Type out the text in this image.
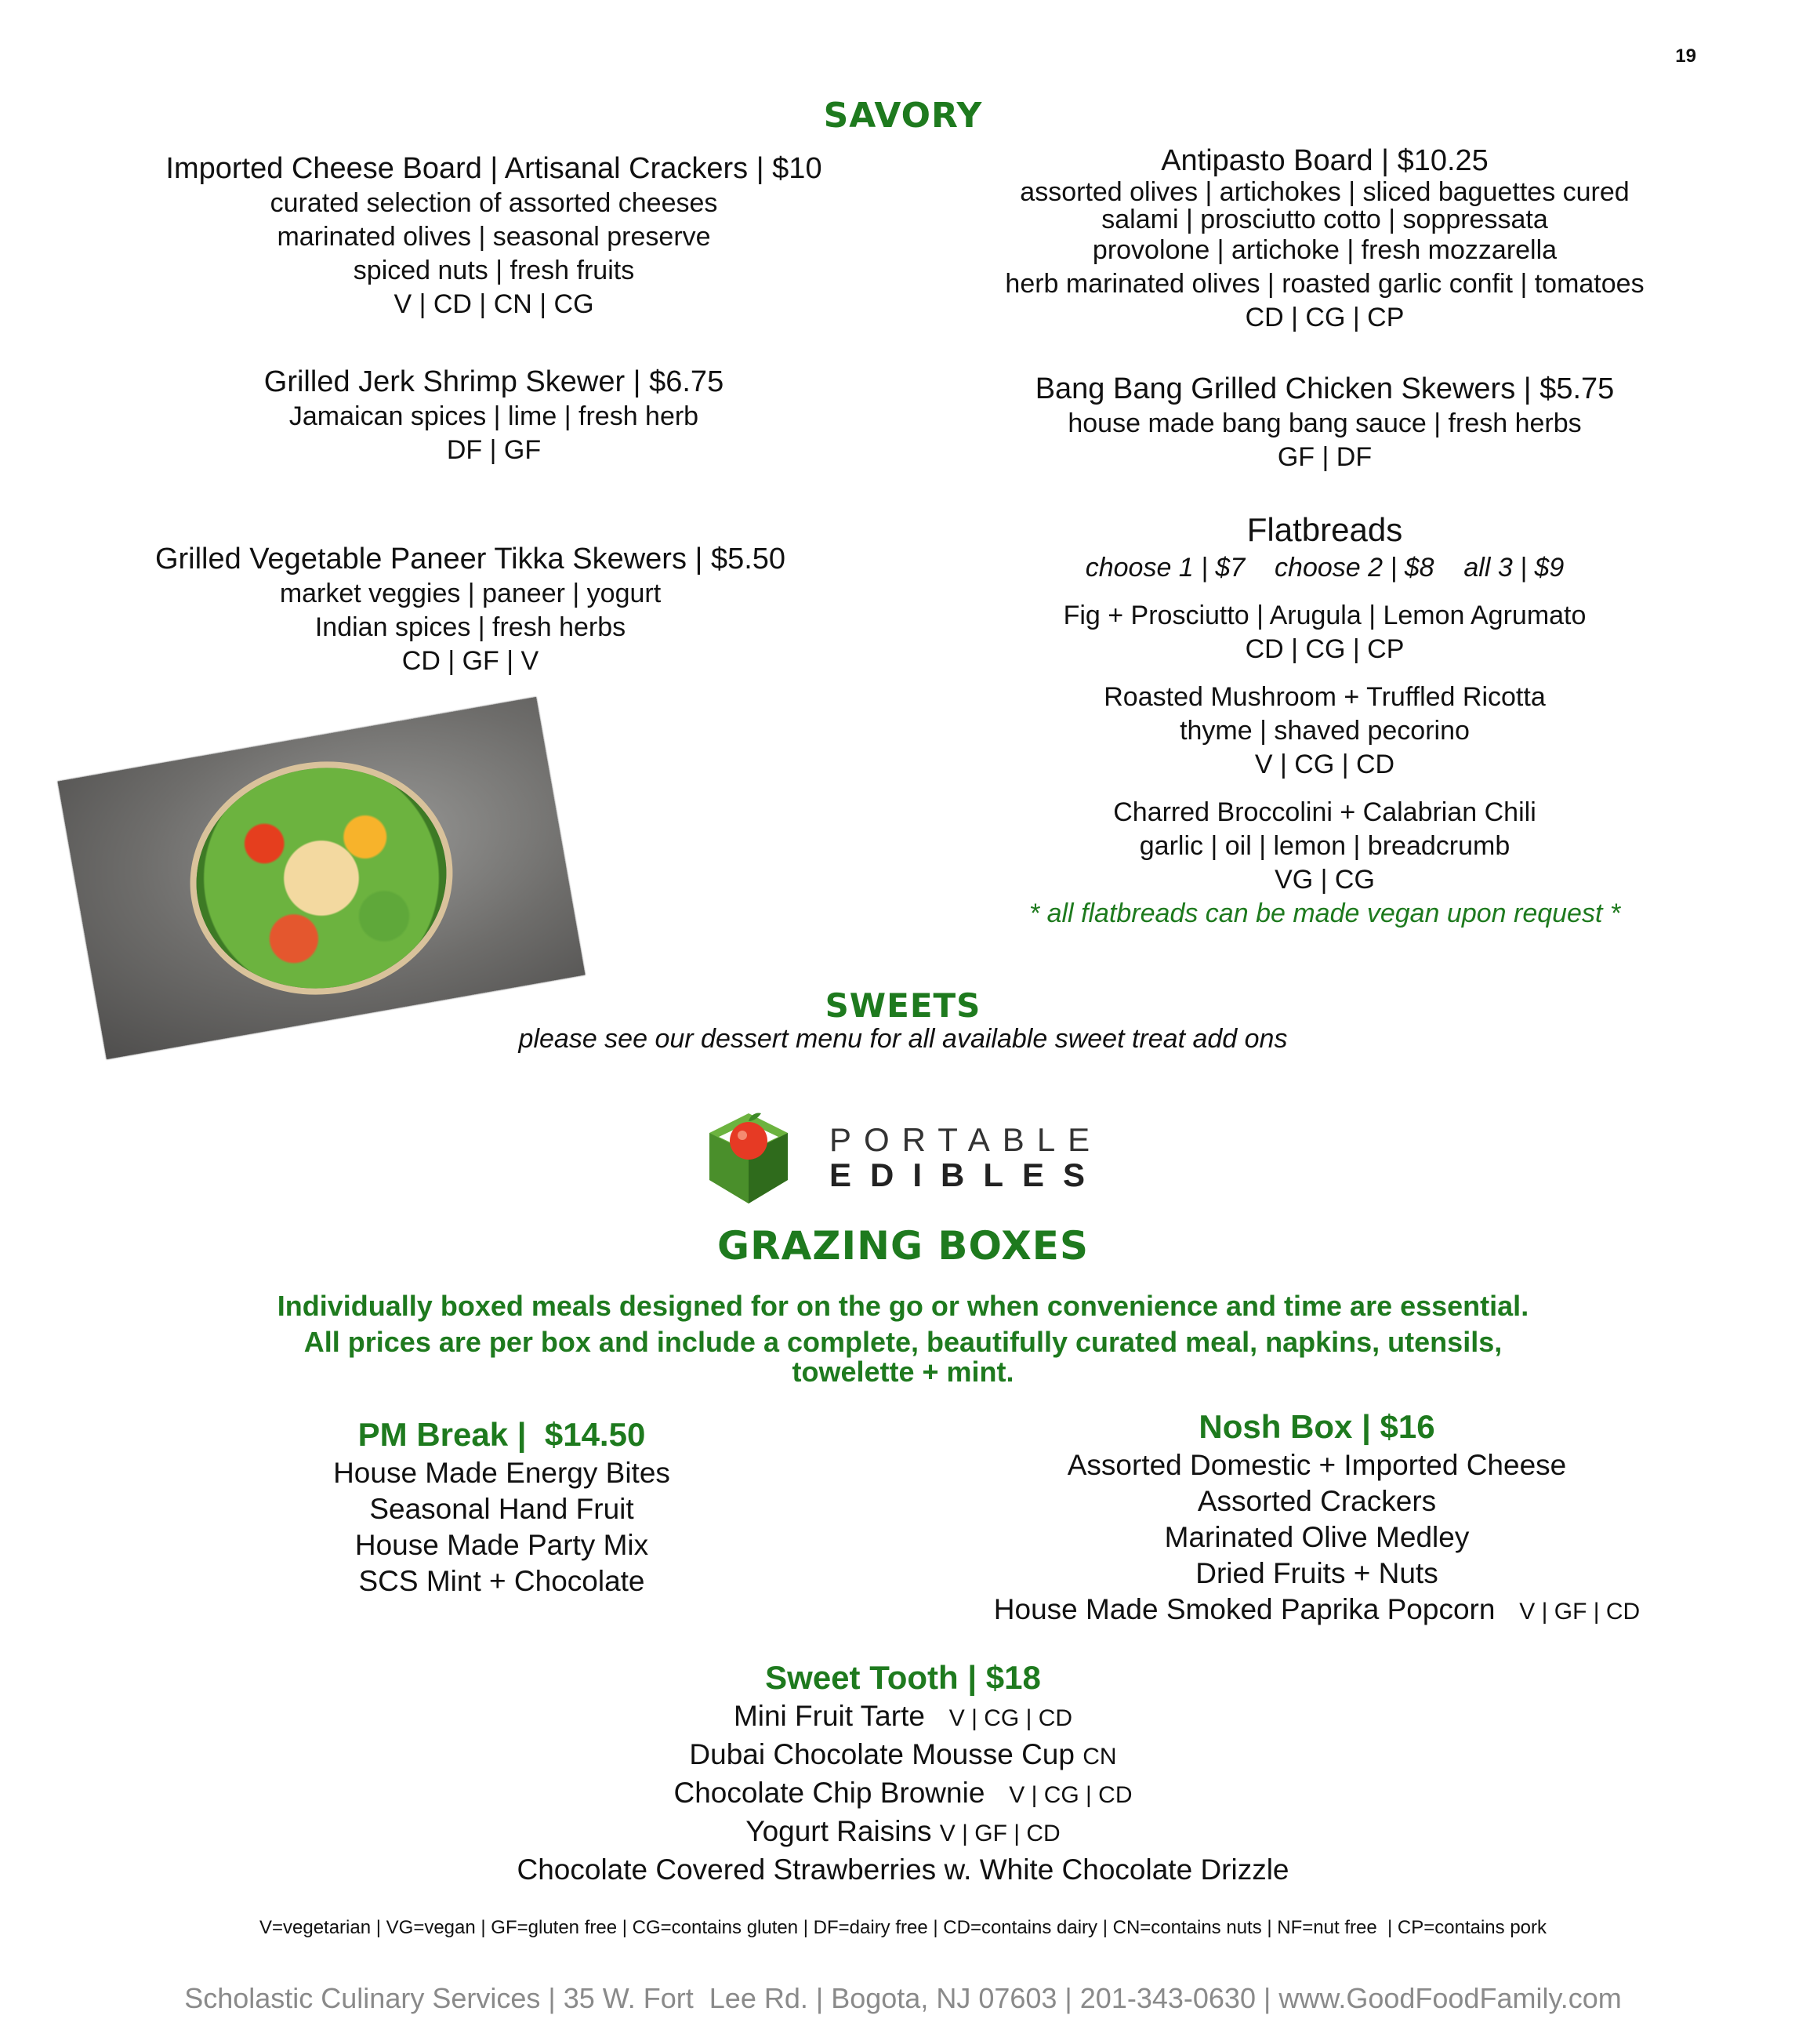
19
SAVORY
Imported Cheese Board | Artisanal Crackers | $10
curated selection of assorted cheeses
marinated olives | seasonal preserve
spiced nuts | fresh fruits
V | CD | CN | CG
Grilled Jerk Shrimp Skewer | $6.75
Jamaican spices | lime | fresh herb
DF | GF
Grilled Vegetable Paneer Tikka Skewers | $5.50
market veggies | paneer | yogurt
Indian spices | fresh herbs
CD | GF | V
Antipasto Board | $10.25
assorted olives | artichokes | sliced baguettes cured
salami | prosciutto cotto | soppressata
provolone | artichoke | fresh mozzarella
herb marinated olives | roasted garlic confit | tomatoes
CD | CG | CP
Bang Bang Grilled Chicken Skewers | $5.75
house made bang bang sauce | fresh herbs
GF | DF
Flatbreads
choose 1 | $7    choose 2 | $8    all 3 | $9
Fig + Prosciutto | Arugula | Lemon Agrumato
CD | CG | CP
Roasted Mushroom + Truffled Ricotta
thyme | shaved pecorino
V | CG | CD
Charred Broccolini + Calabrian Chili
garlic | oil | lemon | breadcrumb
VG | CG
* all flatbreads can be made vegan upon request *
SWEETS
please see our dessert menu for all available sweet treat add ons
PORTABLE
EDIBLES
GRAZING BOXES
Individually boxed meals designed for on the go or when convenience and time are essential.
All prices are per box and include a complete, beautifully curated meal, napkins, utensils,
towelette + mint.
PM Break |  $14.50
House Made Energy Bites
Seasonal Hand Fruit
House Made Party Mix
SCS Mint + Chocolate
Nosh Box | $16
Assorted Domestic + Imported Cheese
Assorted Crackers
Marinated Olive Medley
Dried Fruits + Nuts
House Made Smoked Paprika Popcorn V | GF | CD
Sweet Tooth | $18
Mini Fruit Tarte V | CG | CD
Dubai Chocolate Mousse Cup CN
Chocolate Chip Brownie V | CG | CD
Yogurt Raisins V | GF | CD
Chocolate Covered Strawberries w. White Chocolate Drizzle
V=vegetarian | VG=vegan | GF=gluten free | CG=contains gluten | DF=dairy free | CD=contains dairy | CN=contains nuts | NF=nut free  | CP=contains pork
Scholastic Culinary Services | 35 W. Fort  Lee Rd. | Bogota, NJ 07603 | 201-343-0630 | www.GoodFoodFamily.com
